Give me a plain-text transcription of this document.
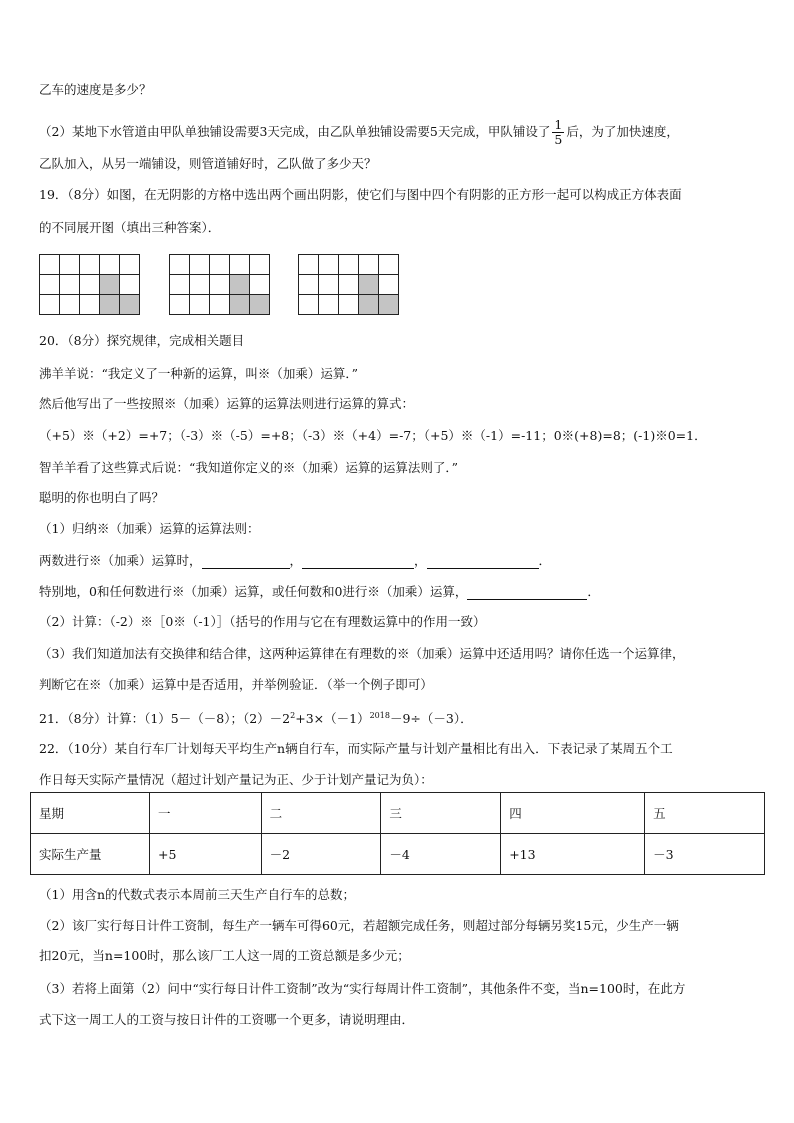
乙车的速度是多少？
（2）某地下水管道由甲队单独铺设需要3天完成，由乙队单独铺设需要5天完成，甲队铺设了 $\frac{1}{5}$ 后，为了加快速度，
乙队加入，从另一端铺设，则管道铺好时，乙队做了多少天？
19．（8分）如图，在无阴影的方格中选出两个画出阴影，使它们与图中四个有阴影的正方形一起可以构成正方体表面
的不同展开图（填出三种答案）．
20．（8分）探究规律，完成相关题目
沸羊羊说：“我定义了一种新的运算，叫※（加乘）运算．”
然后他写出了一些按照※（加乘）运算的运算法则进行运算的算式：
（+5）※（+2）=+7；（-3）※（-5）=+8；（-3）※（+4）=-7；（+5）※（-1）=-11；0※(+8)=8；(-1)※0=1．
智羊羊看了这些算式后说：“我知道你定义的※（加乘）运算的运算法则了．”
聪明的你也明白了吗？
（1）归纳※（加乘）运算的运算法则：
两数进行※（加乘）运算时，	，	，	．
特别地，0和任何数进行※（加乘）运算，或任何数和0进行※（加乘）运算，	．
（2）计算：（-2）※［0※（-1）］（括号的作用与它在有理数运算中的作用一致）
（3）我们知道加法有交换律和结合律，这两种运算律在有理数的※（加乘）运算中还适用吗？请你任选一个运算律，
判断它在※（加乘）运算中是否适用，并举例验证．（举一个例子即可）
21．（8分）计算：（1）5－（－8）；$(2)-2^2+3\times(-1)^{2018}-9\div(-3)$．
22．（10分）某自行车厂计划每天平均生产n辆自行车，而实际产量与计划产量相比有出入．下表记录了某周五个工
作日每天实际产量情况（超过计划产量记为正、少于计划产量记为负）：
星期	一	二	三	四	五
实际生产量	+5	－2	－4	+13	－3
（1）用含n的代数式表示本周前三天生产自行车的总数；
（2）该厂实行每日计件工资制，每生产一辆车可得60元，若超额完成任务，则超过部分每辆另奖15元，少生产一辆
扣20元，当n=100时，那么该厂工人这一周的工资总额是多少元；
（3）若将上面第（2）问中“实行每日计件工资制”改为“实行每周计件工资制”，其他条件不变，当n=100时，在此方
式下这一周工人的工资与按日计件的工资哪一个更多，请说明理由．
